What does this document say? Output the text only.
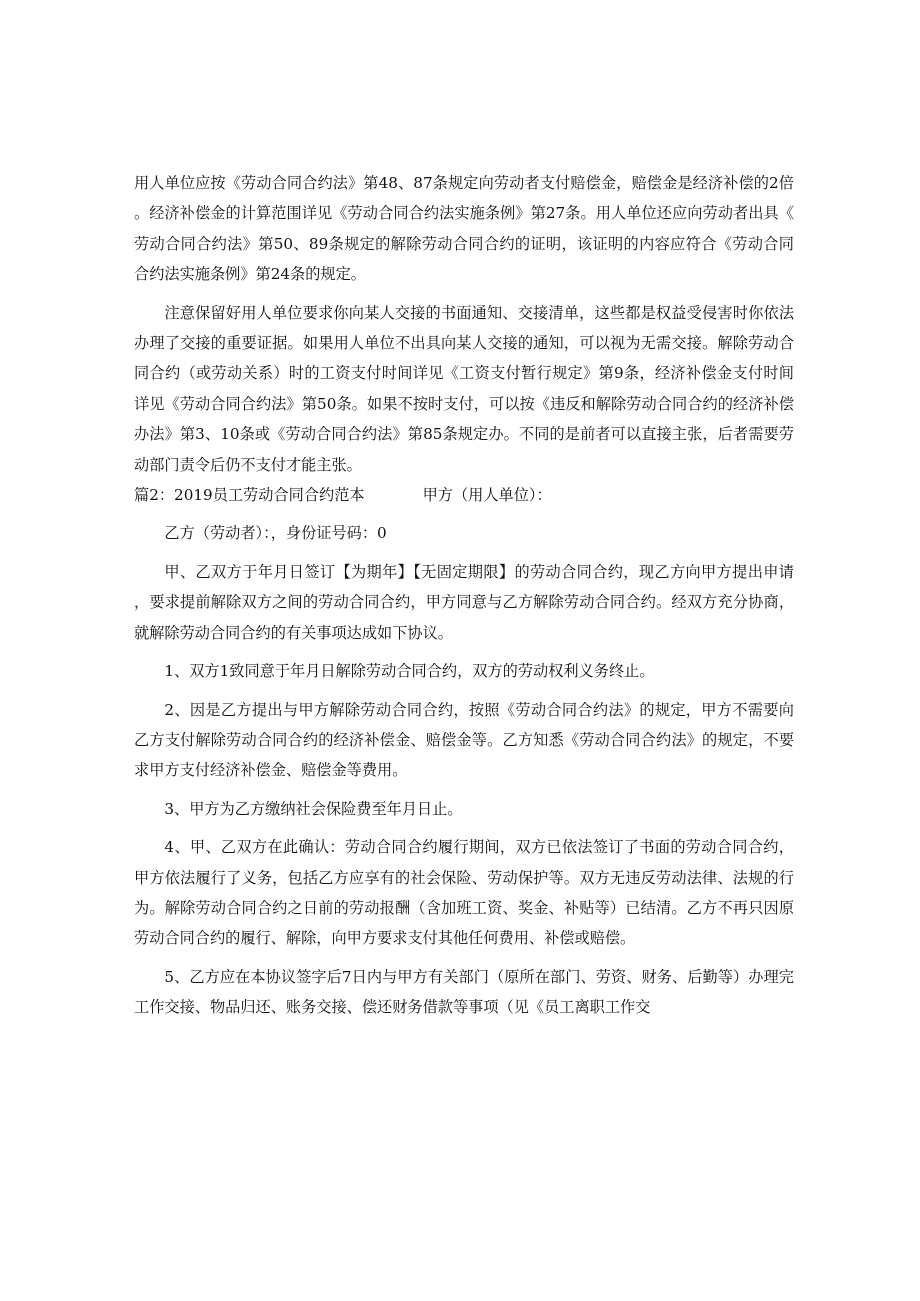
用人单位应按《劳动合同合约法》第48、87条规定向劳动者支付赔偿金，赔偿金是经济补偿的2倍。经济补偿金的计算范围详见《劳动合同合约法实施条例》第27条。用人单位还应向劳动者出具《劳动合同合约法》第50、89条规定的解除劳动合同合约的证明，该证明的内容应符合《劳动合同合约法实施条例》第24条的规定。

注意保留好用人单位要求你向某人交接的书面通知、交接清单，这些都是权益受侵害时你依法办理了交接的重要证据。如果用人单位不出具向某人交接的通知，可以视为无需交接。解除劳动合同合约（或劳动关系）时的工资支付时间详见《工资支付暂行规定》第9条，经济补偿金支付时间详见《劳动合同合约法》第50条。如果不按时支付，可以按《违反和解除劳动合同合约的经济补偿办法》第3、10条或《劳动合同合约法》第85条规定办。不同的是前者可以直接主张，后者需要劳动部门责令后仍不支付才能主张。

篇2：2019员工劳动合同合约范本	甲方（用人单位）：

乙方（劳动者）：，身份证号码：0

甲、乙双方于年月日签订【为期年】【无固定期限】的劳动合同合约，现乙方向甲方提出申请，要求提前解除双方之间的劳动合同合约，甲方同意与乙方解除劳动合同合约。经双方充分协商，就解除劳动合同合约的有关事项达成如下协议。

1、双方1致同意于年月日解除劳动合同合约，双方的劳动权利义务终止。

2、因是乙方提出与甲方解除劳动合同合约，按照《劳动合同合约法》的规定，甲方不需要向乙方支付解除劳动合同合约的经济补偿金、赔偿金等。乙方知悉《劳动合同合约法》的规定，不要求甲方支付经济补偿金、赔偿金等费用。

3、甲方为乙方缴纳社会保险费至年月日止。

4、甲、乙双方在此确认：劳动合同合约履行期间，双方已依法签订了书面的劳动合同合约，甲方依法履行了义务，包括乙方应享有的社会保险、劳动保护等。双方无违反劳动法律、法规的行为。解除劳动合同合约之日前的劳动报酬（含加班工资、奖金、补贴等）已结清。乙方不再只因原劳动合同合约的履行、解除，向甲方要求支付其他任何费用、补偿或赔偿。

5、乙方应在本协议签字后7日内与甲方有关部门（原所在部门、劳资、财务、后勤等）办理完工作交接、物品归还、账务交接、偿还财务借款等事项（见《员工离职工作交
